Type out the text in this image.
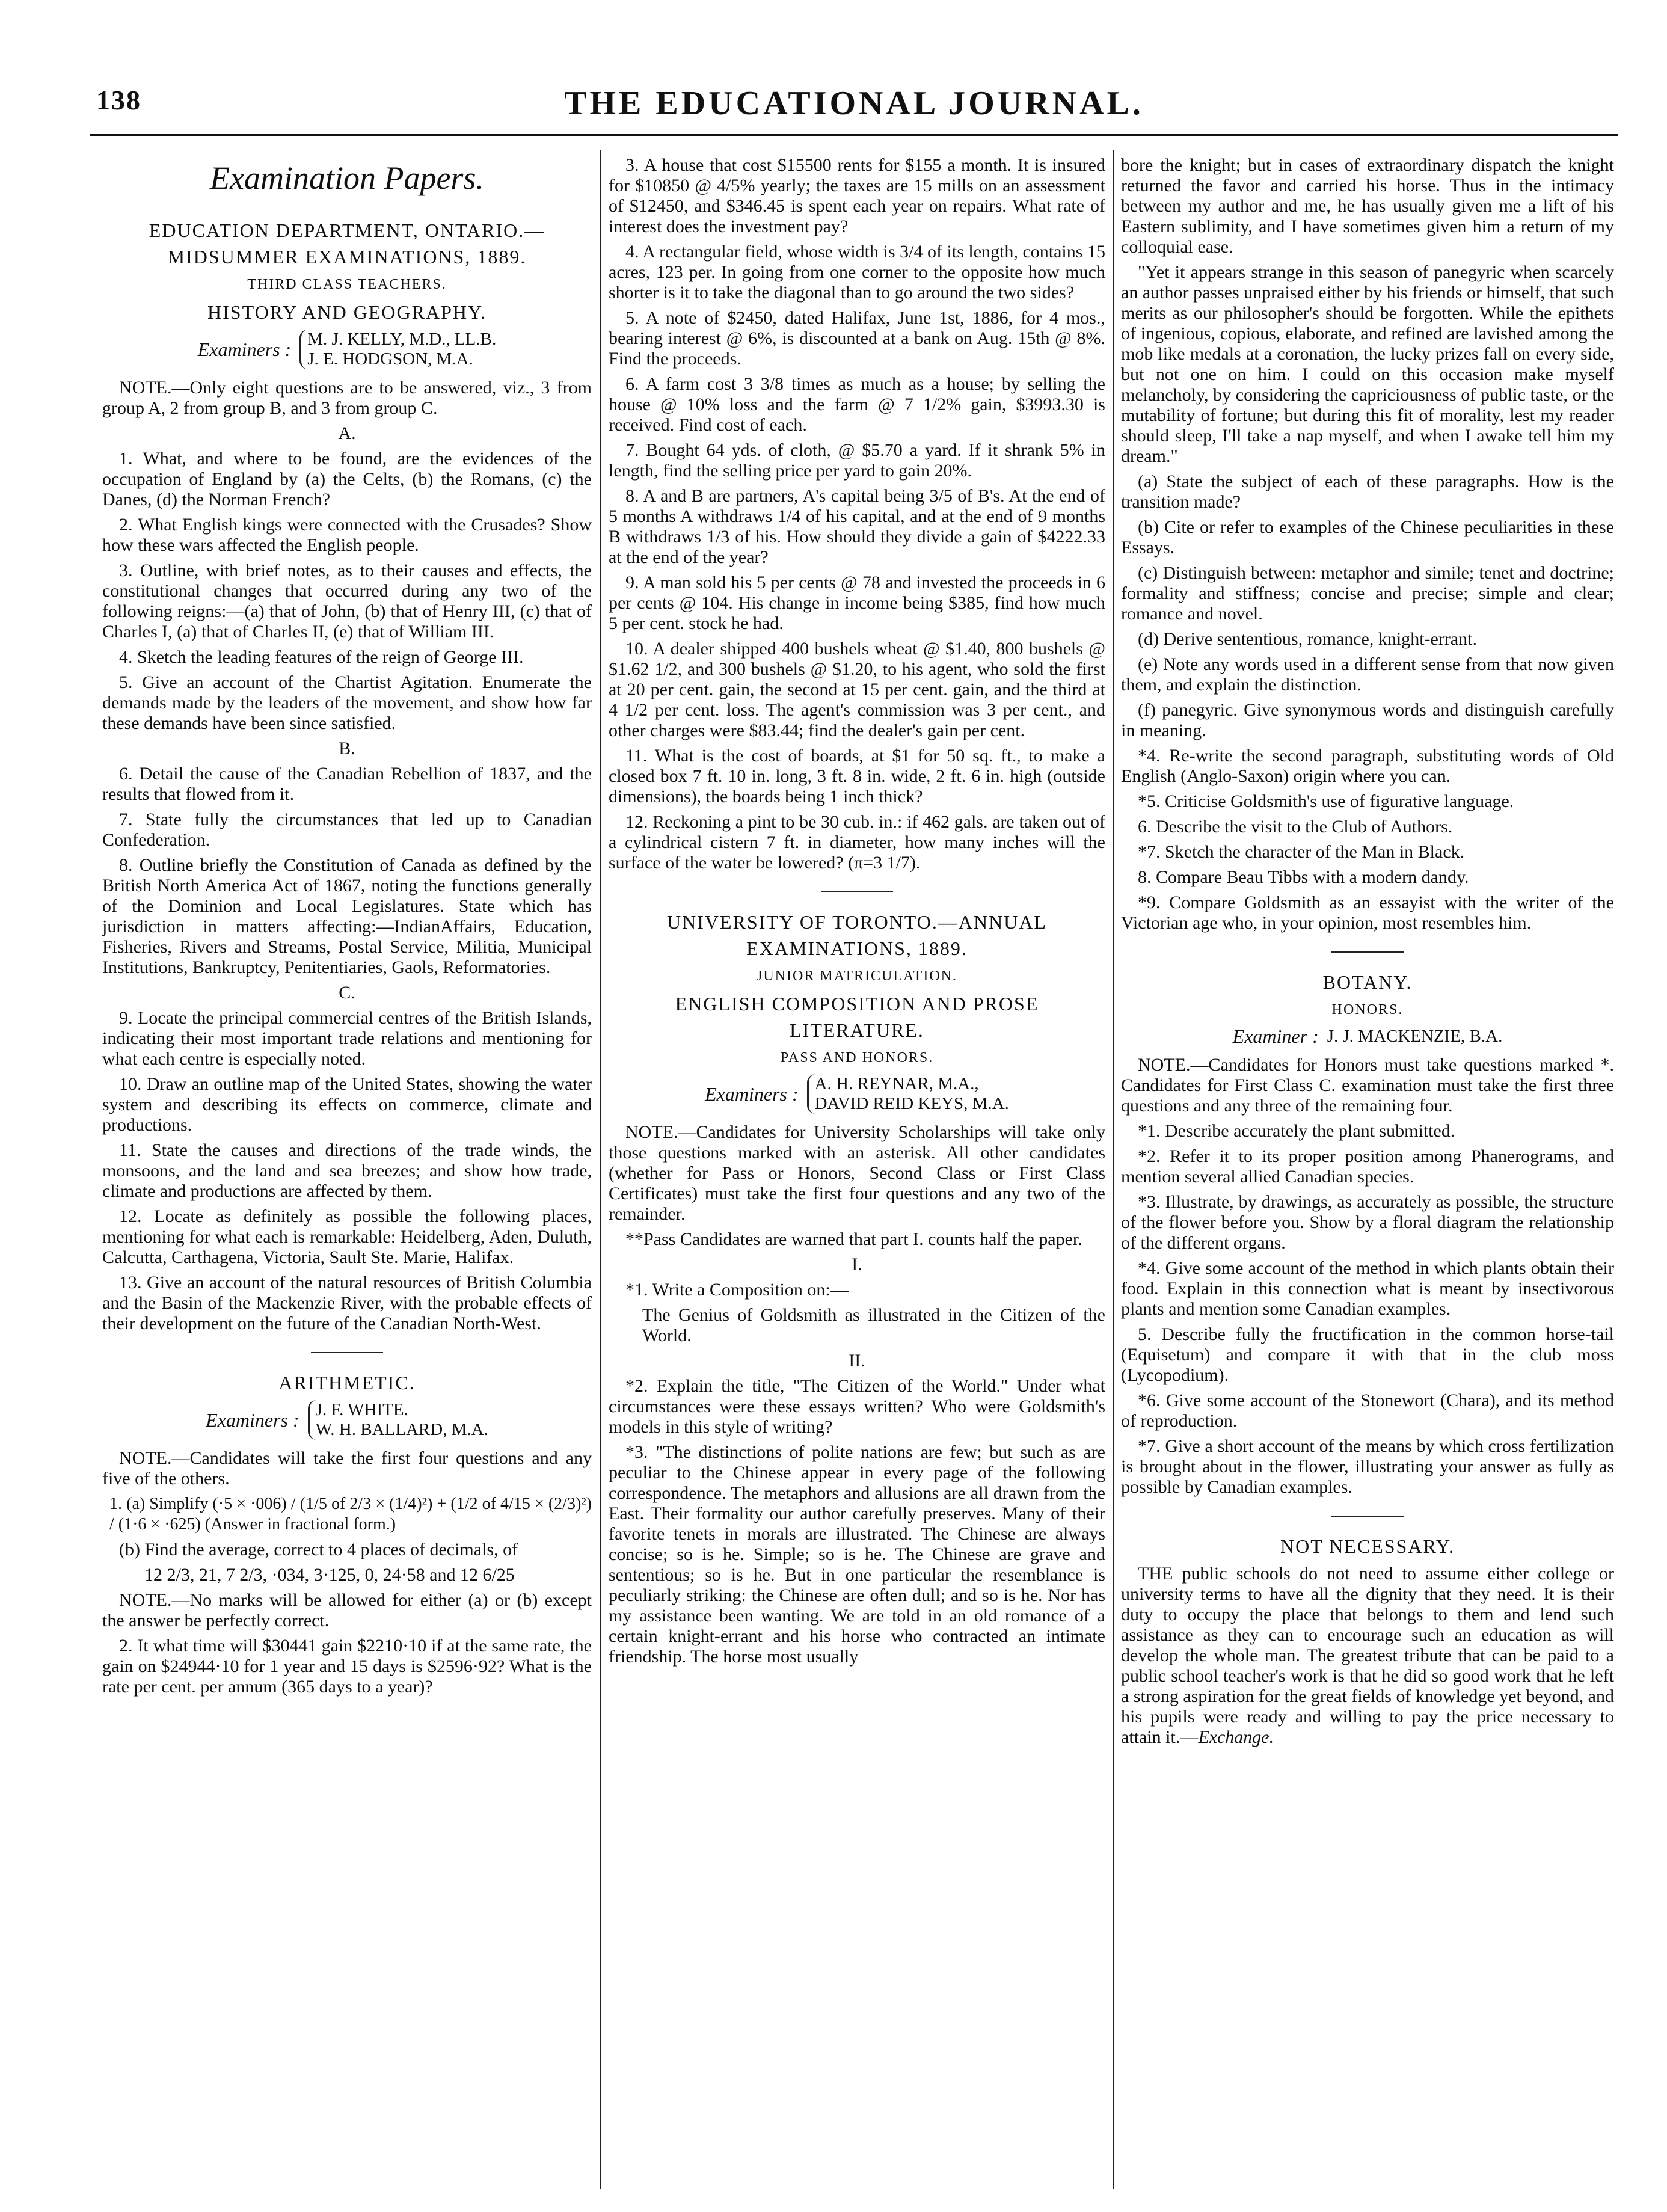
138	THE EDUCATIONAL JOURNAL.
Examination Papers.
EDUCATION DEPARTMENT, ONTARIO.—
MIDSUMMER EXAMINATIONS, 1889.
THIRD CLASS TEACHERS.
HISTORY AND GEOGRAPHY.
Examiners : M. J. KELLY, M.D., LL.B.
J. E. HODGSON, M.A.

NOTE.—Only eight questions are to be answered, viz., 3 from group A, 2 from group B, and 3 from group C.

A.

1. What, and where to be found, are the evidences of the occupation of England by (a) the Celts, (b) the Romans, (c) the Danes, (d) the Norman French?

2. What English kings were connected with the Crusades? Show how these wars affected the English people.

3. Outline, with brief notes, as to their causes and effects, the constitutional changes that occurred during any two of the following reigns:—(a) that of John, (b) that of Henry III, (c) that of Charles I, (a) that of Charles II, (e) that of William III.

4. Sketch the leading features of the reign of George III.

5. Give an account of the Chartist Agitation. Enumerate the demands made by the leaders of the movement, and show how far these demands have been since satisfied.

B.

6. Detail the cause of the Canadian Rebellion of 1837, and the results that flowed from it.

7. State fully the circumstances that led up to Canadian Confederation.

8. Outline briefly the Constitution of Canada as defined by the British North America Act of 1867, noting the functions generally of the Dominion and Local Legislatures. State which has jurisdiction in matters affecting:—IndianAffairs, Education, Fisheries, Rivers and Streams, Postal Service, Militia, Municipal Institutions, Bankruptcy, Penitentiaries, Gaols, Reformatories.

C.

9. Locate the principal commercial centres of the British Islands, indicating their most important trade relations and mentioning for what each centre is especially noted.

10. Draw an outline map of the United States, showing the water system and describing its effects on commerce, climate and productions.

11. State the causes and directions of the trade winds, the monsoons, and the land and sea breezes; and show how trade, climate and productions are affected by them.

12. Locate as definitely as possible the following places, mentioning for what each is remarkable: Heidelberg, Aden, Duluth, Calcutta, Carthagena, Victoria, Sault Ste. Marie, Halifax.

13. Give an account of the natural resources of British Columbia and the Basin of the Mackenzie River, with the probable effects of their development on the future of the Canadian North-West.

ARITHMETIC.
Examiners : J. F. WHITE.
W. H. BALLARD, M.A.

NOTE.—Candidates will take the first four questions and any five of the others.

1. (a) Simplify (·5 × ·006) / (1/5 of 2/3 × (1/4)²) + (1/2 of 4/15 × (2/3)²) / (1·6 × ·625) (Answer in fractional form.)

(b) Find the average, correct to 4 places of decimals, of

12 2/3, 21, 7 2/3, ·034, 3·125, 0, 24·58 and 12 6/25

NOTE.—No marks will be allowed for either (a) or (b) except the answer be perfectly correct.

2. It what time will $30441 gain $2210·10 if at the same rate, the gain on $24944·10 for 1 year and 15 days is $2596·92? What is the rate per cent. per annum (365 days to a year)?

3. A house that cost $15500 rents for $155 a month. It is insured for $10850 @ 4/5% yearly; the taxes are 15 mills on an assessment of $12450, and $346.45 is spent each year on repairs. What rate of interest does the investment pay?

4. A rectangular field, whose width is 3/4 of its length, contains 15 acres, 123 per. In going from one corner to the opposite how much shorter is it to take the diagonal than to go around the two sides?

5. A note of $2450, dated Halifax, June 1st, 1886, for 4 mos., bearing interest @ 6%, is discounted at a bank on Aug. 15th @ 8%. Find the proceeds.

6. A farm cost 3 3/8 times as much as a house; by selling the house @ 10% loss and the farm @ 7 1/2% gain, $3993.30 is received. Find cost of each.

7. Bought 64 yds. of cloth, @ $5.70 a yard. If it shrank 5% in length, find the selling price per yard to gain 20%.

8. A and B are partners, A's capital being 3/5 of B's. At the end of 5 months A withdraws 1/4 of his capital, and at the end of 9 months B withdraws 1/3 of his. How should they divide a gain of $4222.33 at the end of the year?

9. A man sold his 5 per cents @ 78 and invested the proceeds in 6 per cents @ 104. His change in income being $385, find how much 5 per cent. stock he had.

10. A dealer shipped 400 bushels wheat @ $1.40, 800 bushels @ $1.62 1/2, and 300 bushels @ $1.20, to his agent, who sold the first at 20 per cent. gain, the second at 15 per cent. gain, and the third at 4 1/2 per cent. loss. The agent's commission was 3 per cent., and other charges were $83.44; find the dealer's gain per cent.

11. What is the cost of boards, at $1 for 50 sq. ft., to make a closed box 7 ft. 10 in. long, 3 ft. 8 in. wide, 2 ft. 6 in. high (outside dimensions), the boards being 1 inch thick?

12. Reckoning a pint to be 30 cub. in.: if 462 gals. are taken out of a cylindrical cistern 7 ft. in diameter, how many inches will the surface of the water be lowered? (π=3 1/7).

UNIVERSITY OF TORONTO.—ANNUAL
EXAMINATIONS, 1889.
JUNIOR MATRICULATION.
ENGLISH COMPOSITION AND PROSE
LITERATURE.
PASS AND HONORS.
Examiners : A. H. REYNAR, M.A.,
DAVID REID KEYS, M.A.

NOTE.—Candidates for University Scholarships will take only those questions marked with an asterisk. All other candidates (whether for Pass or Honors, Second Class or First Class Certificates) must take the first four questions and any two of the remainder.

**Pass Candidates are warned that part I. counts half the paper.

I.

*1. Write a Composition on:—

The Genius of Goldsmith as illustrated in the Citizen of the World.

II.

*2. Explain the title, "The Citizen of the World." Under what circumstances were these essays written? Who were Goldsmith's models in this style of writing?

*3. "The distinctions of polite nations are few; but such as are peculiar to the Chinese appear in every page of the following correspondence. The metaphors and allusions are all drawn from the East. Their formality our author carefully preserves. Many of their favorite tenets in morals are illustrated. The Chinese are always concise; so is he. Simple; so is he. The Chinese are grave and sententious; so is he. But in one particular the resemblance is peculiarly striking: the Chinese are often dull; and so is he. Nor has my assistance been wanting. We are told in an old romance of a certain knight-errant and his horse who contracted an intimate friendship. The horse most usually

bore the knight; but in cases of extraordinary dispatch the knight returned the favor and carried his horse. Thus in the intimacy between my author and me, he has usually given me a lift of his Eastern sublimity, and I have sometimes given him a return of my colloquial ease.

"Yet it appears strange in this season of panegyric when scarcely an author passes unpraised either by his friends or himself, that such merits as our philosopher's should be forgotten. While the epithets of ingenious, copious, elaborate, and refined are lavished among the mob like medals at a coronation, the lucky prizes fall on every side, but not one on him. I could on this occasion make myself melancholy, by considering the capriciousness of public taste, or the mutability of fortune; but during this fit of morality, lest my reader should sleep, I'll take a nap myself, and when I awake tell him my dream."

(a) State the subject of each of these paragraphs. How is the transition made?

(b) Cite or refer to examples of the Chinese peculiarities in these Essays.

(c) Distinguish between: metaphor and simile; tenet and doctrine; formality and stiffness; concise and precise; simple and clear; romance and novel.

(d) Derive sententious, romance, knight-errant.

(e) Note any words used in a different sense from that now given them, and explain the distinction.

(f) panegyric. Give synonymous words and distinguish carefully in meaning.

*4. Re-write the second paragraph, substituting words of Old English (Anglo-Saxon) origin where you can.

*5. Criticise Goldsmith's use of figurative language.

6. Describe the visit to the Club of Authors.

*7. Sketch the character of the Man in Black.

8. Compare Beau Tibbs with a modern dandy.

*9. Compare Goldsmith as an essayist with the writer of the Victorian age who, in your opinion, most resembles him.

BOTANY.
HONORS.
Examiner : J. J. MACKENZIE, B.A.

NOTE.—Candidates for Honors must take questions marked *. Candidates for First Class C. examination must take the first three questions and any three of the remaining four.

*1. Describe accurately the plant submitted.

*2. Refer it to its proper position among Phanerograms, and mention several allied Canadian species.

*3. Illustrate, by drawings, as accurately as possible, the structure of the flower before you. Show by a floral diagram the relationship of the different organs.

*4. Give some account of the method in which plants obtain their food. Explain in this connection what is meant by insectivorous plants and mention some Canadian examples.

5. Describe fully the fructification in the common horse-tail (Equisetum) and compare it with that in the club moss (Lycopodium).

*6. Give some account of the Stonewort (Chara), and its method of reproduction.

*7. Give a short account of the means by which cross fertilization is brought about in the flower, illustrating your answer as fully as possible by Canadian examples.

NOT NECESSARY.

THE public schools do not need to assume either college or university terms to have all the dignity that they need. It is their duty to occupy the place that belongs to them and lend such assistance as they can to encourage such an education as will develop the whole man. The greatest tribute that can be paid to a public school teacher's work is that he did so good work that he left a strong aspiration for the great fields of knowledge yet beyond, and his pupils were ready and willing to pay the price necessary to attain it.—Exchange.
